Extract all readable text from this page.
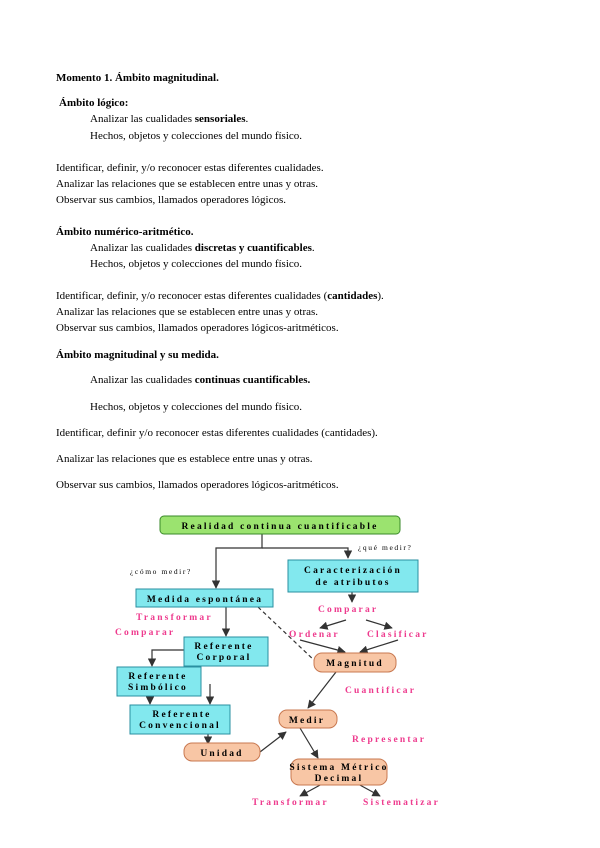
Momento 1. Ámbito magnitudinal.
Ámbito lógico:
Analizar las cualidades sensoriales.
Hechos, objetos y colecciones del mundo físico.
Identificar, definir, y/o reconocer estas diferentes cualidades.
Analizar las relaciones que se establecen entre unas y otras.
Observar sus cambios, llamados operadores lógicos.
Ámbito numérico-aritmético.
Analizar las cualidades discretas y cuantificables.
Hechos, objetos y colecciones del mundo físico.
Identificar, definir, y/o reconocer estas diferentes cualidades (cantidades).
Analizar las relaciones que se establecen entre unas y otras.
Observar sus cambios, llamados operadores lógicos-aritméticos.
Ámbito magnitudinal y su medida.
Analizar las cualidades continuas cuantificables.
Hechos, objetos y colecciones del mundo físico.
Identificar, definir y/o reconocer estas diferentes cualidades (cantidades).
Analizar las relaciones que es establece entre unas y otras.
Observar sus cambios, llamados operadores lógicos-aritméticos.
Realidad continua cuantificable
¿cómo medir?
¿qué medir?
Caracterización
de atributos
Comparar
Ordenar	Clasificar
Medida espontánea
Transformar
Comparar
Referente
Corporal
Magnitud
Referente
Simbólico	Cuantificar
Referente
Convencional	Medir
Representar
Unidad
Sistema Métrico
Decimal
Transformar	Sistematizar
